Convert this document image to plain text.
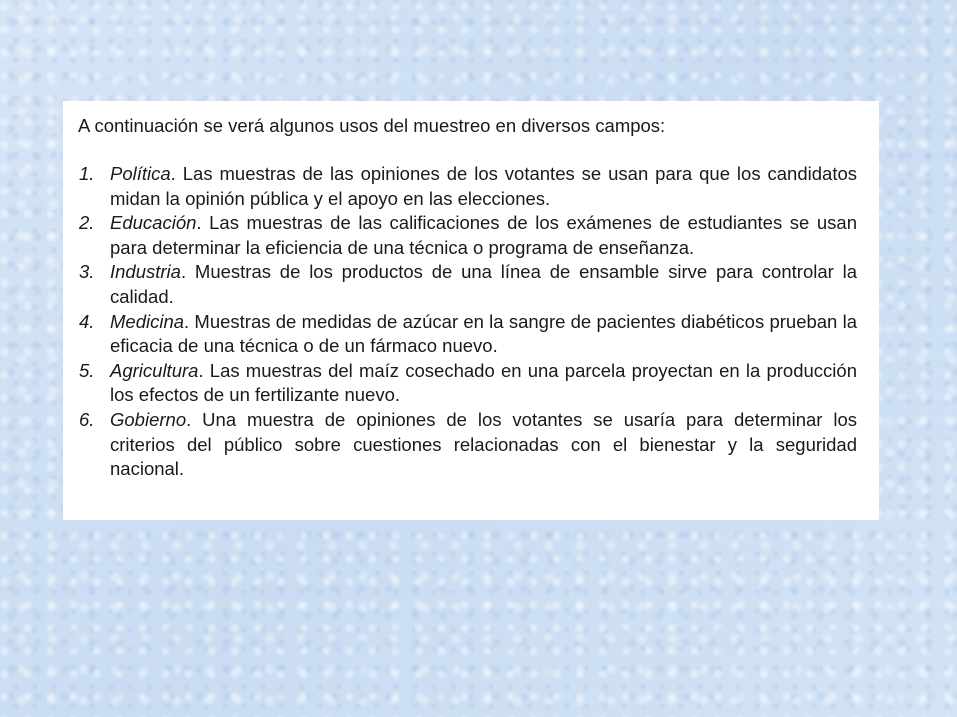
A continuación se verá algunos usos del muestreo en diversos campos:

1. Política. Las muestras de las opiniones de los votantes se usan para que los candidatos midan la opinión pública y el apoyo en las elecciones.
2. Educación. Las muestras de las calificaciones de los exámenes de estudiantes se usan para determinar la eficiencia de una técnica o programa de enseñanza.
3. Industria. Muestras de los productos de una línea de ensamble sirve para controlar la calidad.
4. Medicina. Muestras de medidas de azúcar en la sangre de pacientes diabéticos prueban la eficacia de una técnica o de un fármaco nuevo.
5. Agricultura. Las muestras del maíz cosechado en una parcela proyectan en la producción los efectos de un fertilizante nuevo.
6. Gobierno. Una muestra de opiniones de los votantes se usaría para determinar los criterios del público sobre cuestiones relacionadas con el bienestar y la seguridad nacional.
